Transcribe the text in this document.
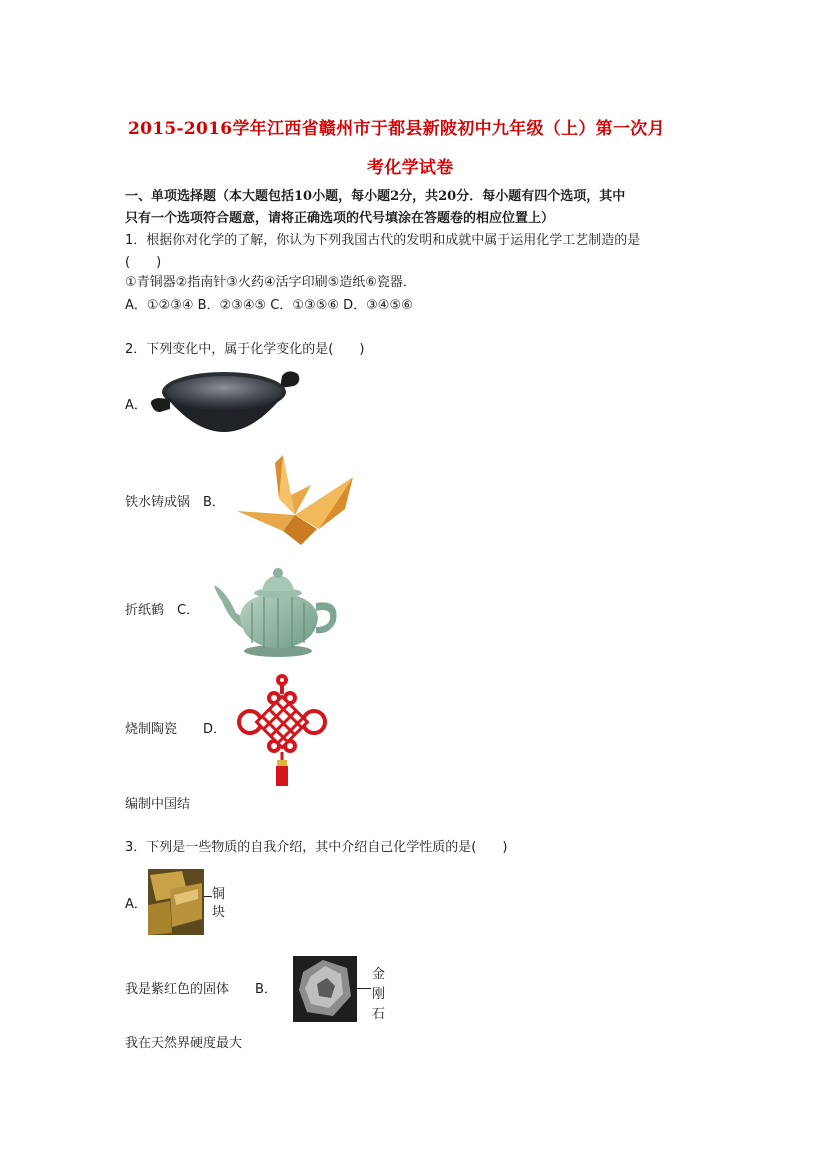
2015-2016学年江西省赣州市于都县新陂初中九年级（上）第一次月
考化学试卷
一、单项选择题（本大题包括10小题，每小题2分，共20分．每小题有四个选项，其中
只有一个选项符合题意，请将正确选项的代号填涂在答题卷的相应位置上）
1．根据你对化学的了解，你认为下列我国古代的发明和成就中属于运用化学工艺制造的是
(　　)
①青铜器②指南针③火药④活字印刷⑤造纸⑥瓷器．
A．①②③④ B．②③④⑤ C．①③⑤⑥ D．③④⑤⑥
2．下列变化中，属于化学变化的是(　　)
A．
铁水铸成锅　B．
折纸鹤　C．
烧制陶瓷　　D．
编制中国结
3．下列是一些物质的自我介绍，其中介绍自己化学性质的是(　　)
A．
铜
块
我是紫红色的固体　　B．
金
刚
石
我在天然界硬度最大
